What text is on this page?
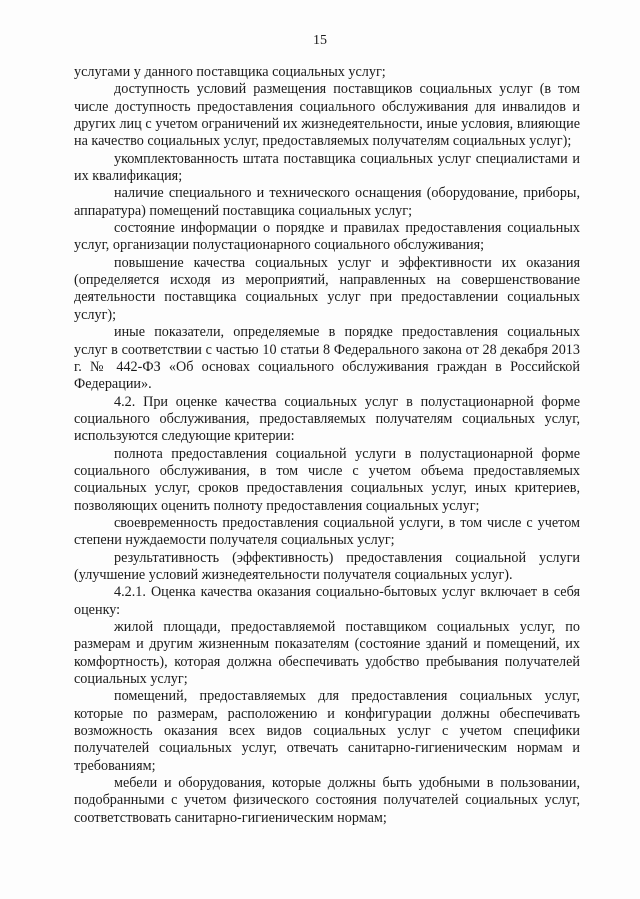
15

услугами у данного поставщика социальных услуг;

доступность условий размещения поставщиков социальных услуг (в том числе доступность предоставления социального обслуживания для инвалидов и других лиц с учетом ограничений их жизнедеятельности, иные условия, влияющие на качество социальных услуг, предоставляемых получателям социальных услуг);

укомплектованность штата поставщика социальных услуг специалистами и их квалификация;

наличие специального и технического оснащения (оборудование, приборы, аппаратура) помещений поставщика социальных услуг;

состояние информации о порядке и правилах предоставления социальных услуг, организации полустационарного социального обслуживания;

повышение качества социальных услуг и эффективности их оказания (определяется исходя из мероприятий, направленных на совершенствование деятельности поставщика социальных услуг при предоставлении социальных услуг);

иные показатели, определяемые в порядке предоставления социальных услуг в соответствии с частью 10 статьи 8 Федерального закона от 28 декабря 2013 г. № 442-ФЗ «Об основах социального обслуживания граждан в Российской Федерации».

4.2. При оценке качества социальных услуг в полустационарной форме социального обслуживания, предоставляемых получателям социальных услуг, используются следующие критерии:

полнота предоставления социальной услуги в полустационарной форме социального обслуживания, в том числе с учетом объема предоставляемых социальных услуг, сроков предоставления социальных услуг, иных критериев, позволяющих оценить полноту предоставления социальных услуг;

своевременность предоставления социальной услуги, в том числе с учетом степени нуждаемости получателя социальных услуг;

результативность (эффективность) предоставления социальной услуги (улучшение условий жизнедеятельности получателя социальных услуг).

4.2.1. Оценка качества оказания социально-бытовых услуг включает в себя оценку:

жилой площади, предоставляемой поставщиком социальных услуг, по размерам и другим жизненным показателям (состояние зданий и помещений, их комфортность), которая должна обеспечивать удобство пребывания получателей социальных услуг;

помещений, предоставляемых для предоставления социальных услуг, которые по размерам, расположению и конфигурации должны обеспечивать возможность оказания всех видов социальных услуг с учетом специфики получателей социальных услуг, отвечать санитарно-гигиеническим нормам и требованиям;

мебели и оборудования, которые должны быть удобными в пользовании, подобранными с учетом физического состояния получателей социальных услуг, соответствовать санитарно-гигиеническим нормам;
